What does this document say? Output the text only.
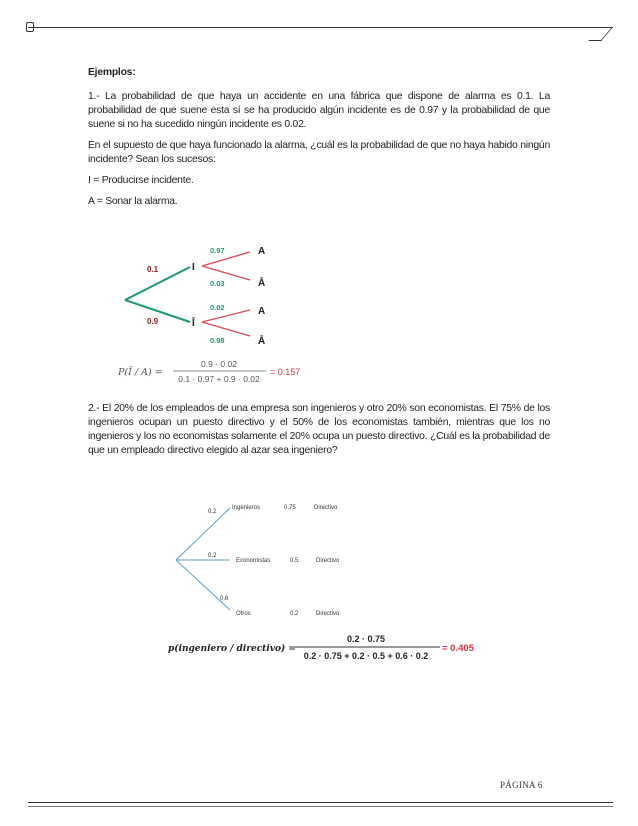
Ejemplos:

1.- La probabilidad de que haya un accidente en una fábrica que dispone de alarma es 0.1. La probabilidad de que suene esta sí se ha producido algún incidente es de 0.97 y la probabilidad de que suene si no ha sucedido ningún incidente es 0.02.

En el supuesto de que haya funcionado la alarma, ¿cuál es la probabilidad de que no haya habido ningún incidente? Sean los sucesos:

I = Producirse incidente.

A = Sonar la alarma.

0.1
0.9
I
Ī
0.97
0.03
A
Ā
0.02
0.98
A
Ā
P(Ī / A) =
0.9 · 0.02
0.1 · 0.97 + 0.9 · 0.02
= 0.157

2.- El 20% de los empleados de una empresa son ingenieros y otro 20% son economistas. El 75% de los ingenieros ocupan un puesto directivo y el 50% de los economistas también, mientras que los no ingenieros y los no economistas solamente el 20% ocupa un puesto directivo. ¿Cuál es la probabilidad de que un empleado directivo elegido al azar sea ingeniero?

0.2
Ingenieros	0.75	Directivo
0.2
Economistas	0.5	Directivo
0.6
Otros	0.2	Directivo
p(ingeniero / directivo) =
0.2 · 0.75
0.2 · 0.75 + 0.2 · 0.5 + 0.6 · 0.2
= 0.405
PÁGINA 6
